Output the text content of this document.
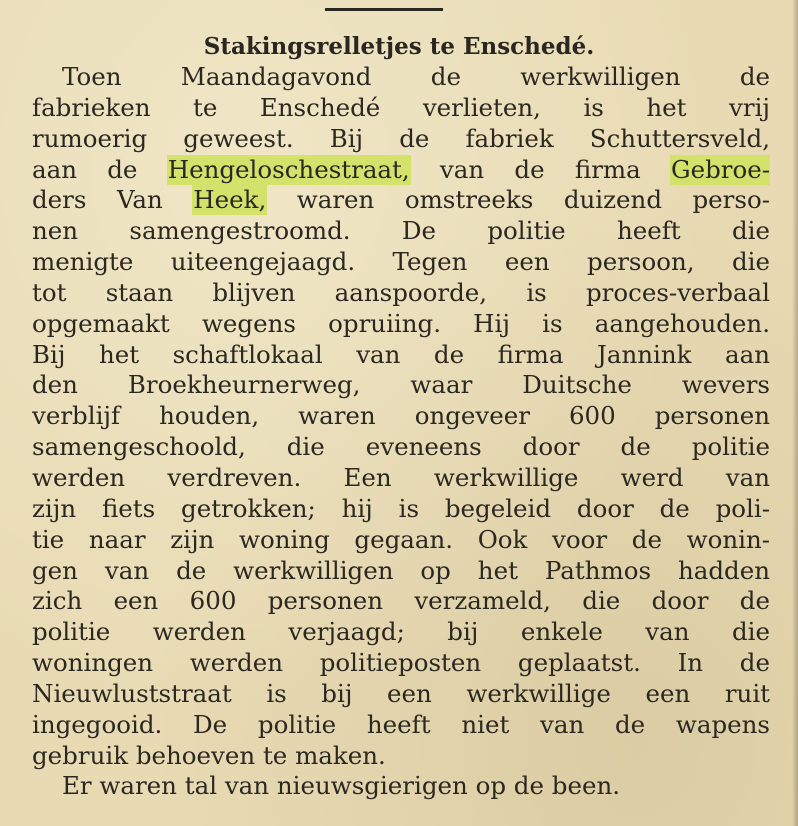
Stakingsrelletjes te Enschedé.
Toen Maandagavond de werkwilligen de
fabrieken te Enschedé verlieten, is het vrij
rumoerig geweest. Bij de fabriek Schuttersveld,
aan de Hengeloschestraat, van de firma Gebroe-
ders Van Heek, waren omstreeks duizend perso-
nen samengestroomd. De politie heeft die
menigte uiteengejaagd. Tegen een persoon, die
tot staan blijven aanspoorde, is proces-verbaal
opgemaakt wegens opruiing. Hij is aangehouden.
Bij het schaftlokaal van de firma Jannink aan
den Broekheurnerweg, waar Duitsche wevers
verblijf houden, waren ongeveer 600 personen
samengeschoold, die eveneens door de politie
werden verdreven. Een werkwillige werd van
zijn fiets getrokken; hij is begeleid door de poli-
tie naar zijn woning gegaan. Ook voor de wonin-
gen van de werkwilligen op het Pathmos hadden
zich een 600 personen verzameld, die door de
politie werden verjaagd; bij enkele van die
woningen werden politieposten geplaatst. In de
Nieuwluststraat is bij een werkwillige een ruit
ingegooid. De politie heeft niet van de wapens
gebruik behoeven te maken.
Er waren tal van nieuwsgierigen op de been.
